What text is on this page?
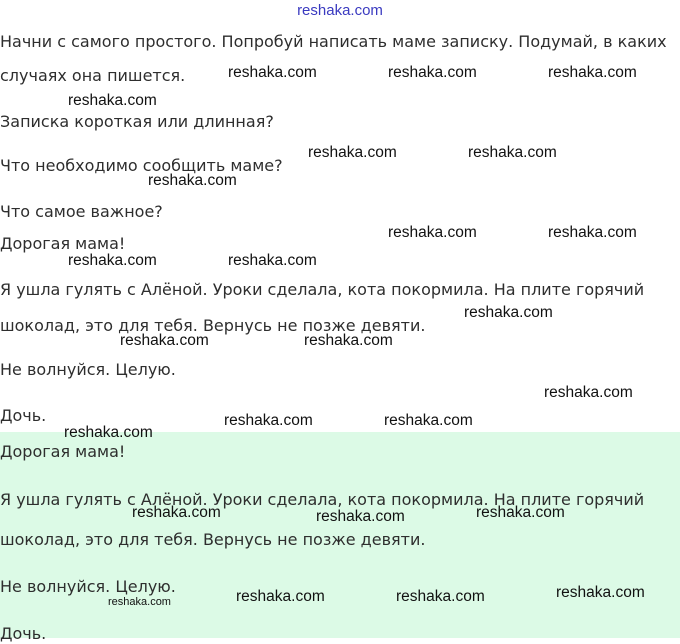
reshaka.com
Начни с самого простого. Попробуй написать маме записку. Подумай, в каких
случаях она пишется.
Записка короткая или длинная?
Что необходимо сообщить маме?
Что самое важное?
Дорогая мама!
Я ушла гулять с Алёной. Уроки сделала, кота покормила. На плите горячий
шоколад, это для тебя. Вернусь не позже девяти.
Не волнуйся. Целую.
Дочь.
Дорогая мама!
Я ушла гулять с Алёной. Уроки сделала, кота покормила. На плите горячий
шоколад, это для тебя. Вернусь не позже девяти.
Не волнуйся. Целую.
Дочь.
reshaka.com	reshaka.com	reshaka.com
reshaka.com
reshaka.com	reshaka.com
reshaka.com
reshaka.com	reshaka.com
reshaka.com	reshaka.com
reshaka.com
reshaka.com	reshaka.com
reshaka.com
reshaka.com	reshaka.com
reshaka.com
reshaka.com	reshaka.com
reshaka.com
reshaka.com
reshaka.com	reshaka.com
reshaka.com
